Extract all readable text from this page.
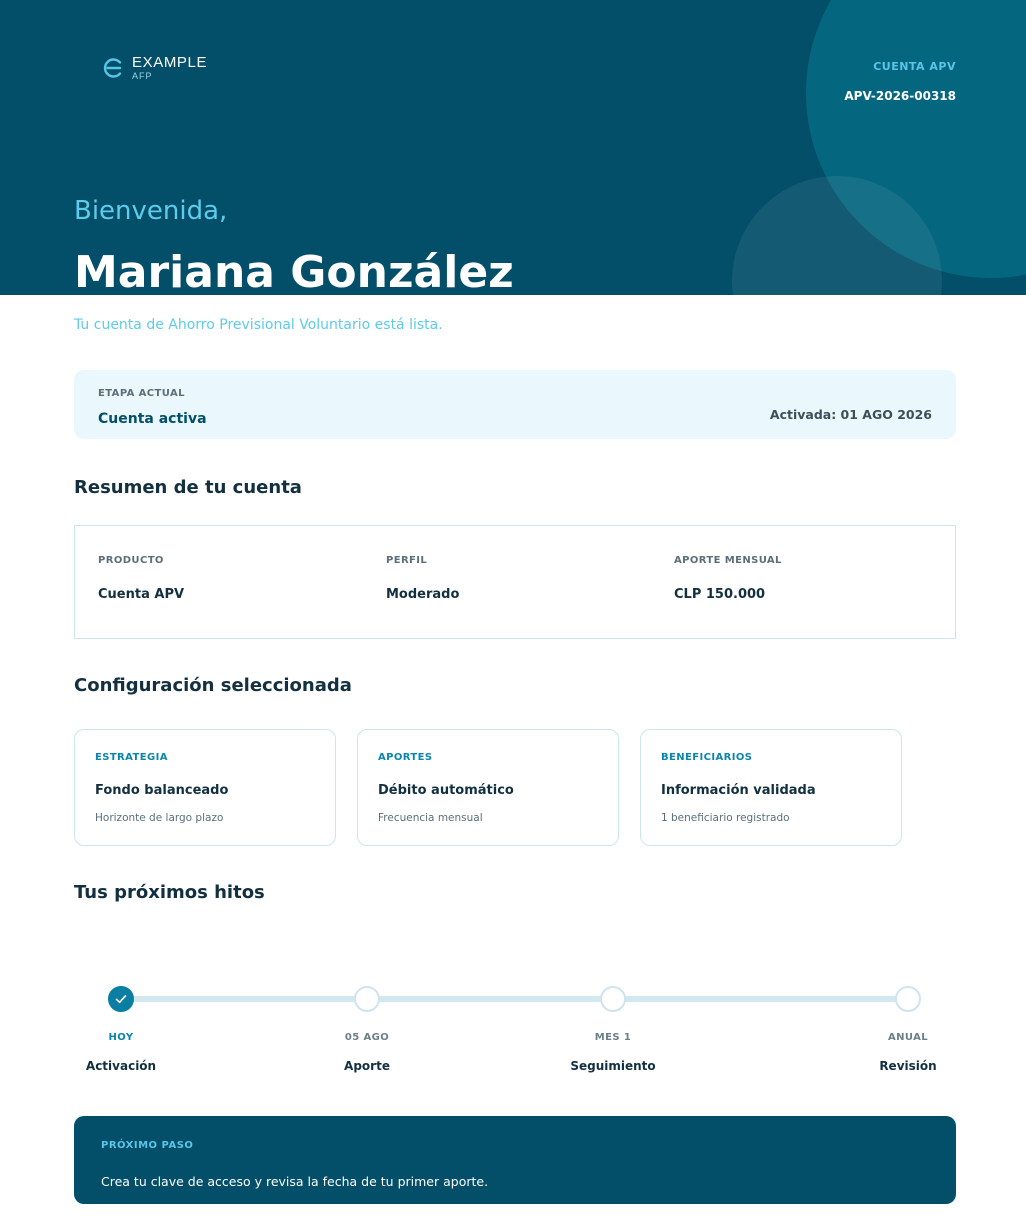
EXAMPLE
AFP
CUENTA APV
APV-2026-00318
Bienvenida,
Mariana González

Tu cuenta de Ahorro Previsional Voluntario está lista.

ETAPA ACTUAL
Cuenta activa	Activada: 01 AGO 2026
Resumen de tu cuenta
PRODUCTO
Cuenta APV
PERFIL
Moderado
APORTE MENSUAL
CLP 150.000
Configuración seleccionada
ESTRATEGIA
Fondo balanceado
Horizonte de largo plazo
APORTES
Débito automático
Frecuencia mensual
BENEFICIARIOS
Información validada
1 beneficiario registrado
Tus próximos hitos
HOY	05 AGO	MES 1	ANUAL
Activación	Aporte	Seguimiento	Revisión
PRÓXIMO PASO
Crea tu clave de acceso y revisa la fecha de tu primer aporte.
